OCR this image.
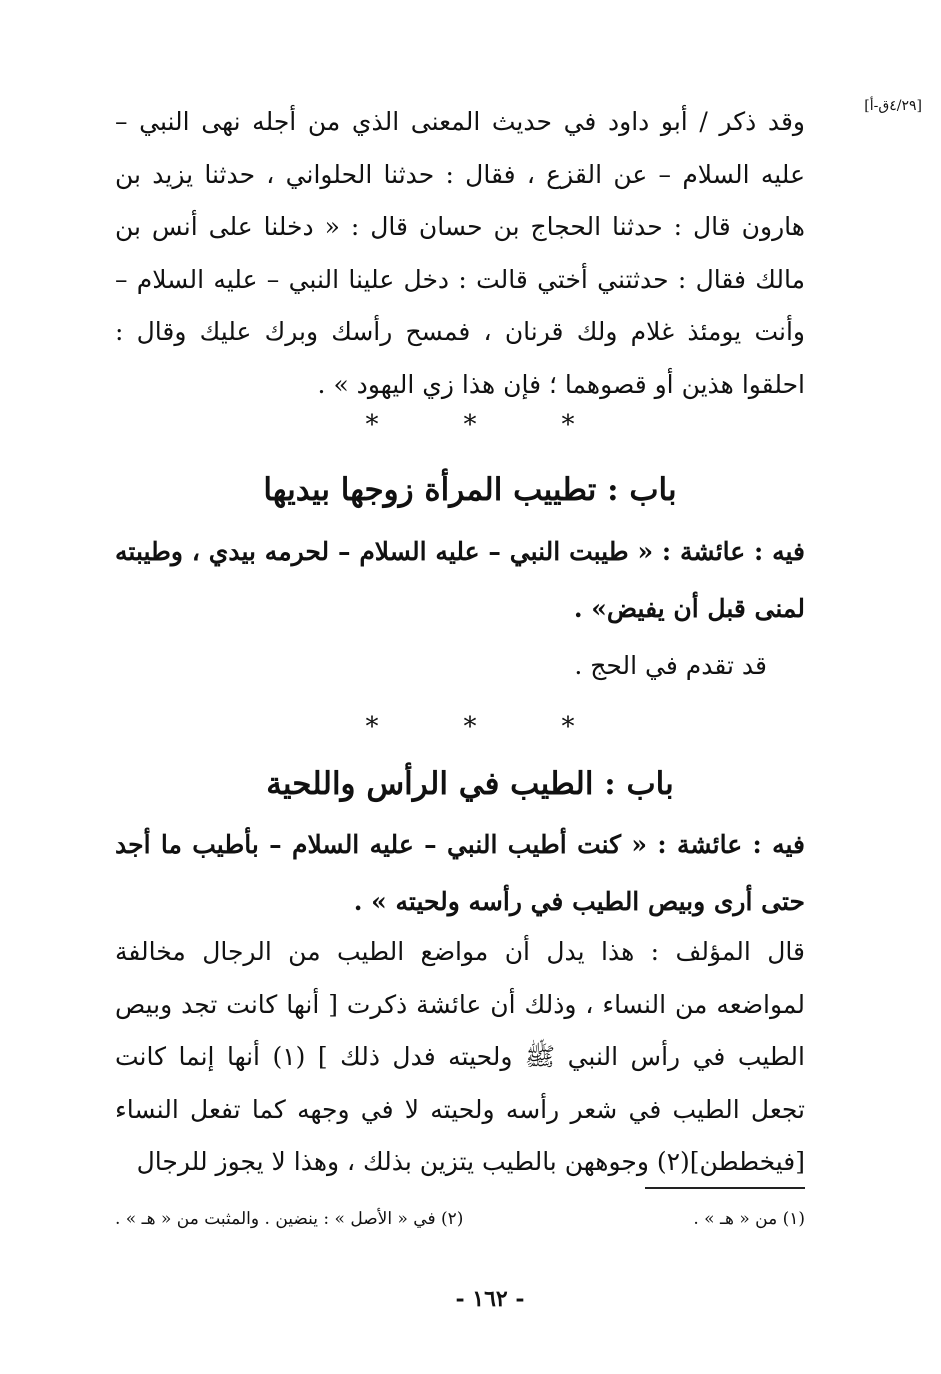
[٤/٢٩ق-أ]

وقد ذكر / أبو داود في حديث المعنى الذي من أجله نهى النبي – عليه السلام – عن القزع ، فقال : حدثنا الحلواني ، حدثنا يزيد بن هارون قال : حدثنا الحجاج بن حسان قال : « دخلنا على أنس بن مالك فقال : حدثتني أختي قالت : دخل علينا النبي – عليه السلام – وأنت يومئذ غلام ولك قرنان ، فمسح رأسك وبرك عليك وقال : احلقوا هذين أو قصوهما ؛ فإن هذا زي اليهود » .

*
*
*
باب : تطييب المرأة زوجها بيديها

فيه : عائشة : « طيبت النبي – عليه السلام – لحرمه بيدي ، وطيبته لمنى قبل أن يفيض» .

قد تقدم في الحج .

*
*
*
باب : الطيب في الرأس واللحية

فيه : عائشة : « كنت أطيب النبي – عليه السلام – بأطيب ما أجد حتى أرى وبيص الطيب في رأسه ولحيته » .

قال المؤلف : هذا يدل أن مواضع الطيب من الرجال مخالفة لمواضعه من النساء ، وذلك أن عائشة ذكرت [ أنها كانت تجد وبيص الطيب في رأس النبي ﷺ ولحيته فدل ذلك ] (١) أنها إنما كانت تجعل الطيب في شعر رأسه ولحيته لا في وجهه كما تفعل النساء [فيخططن](٢) وجوههن بالطيب يتزين بذلك ، وهذا لا يجوز للرجال

(١) من « هـ » .
(٢) في « الأصل » : ينضين . والمثبت من « هـ » .
- ١٦٢ -
